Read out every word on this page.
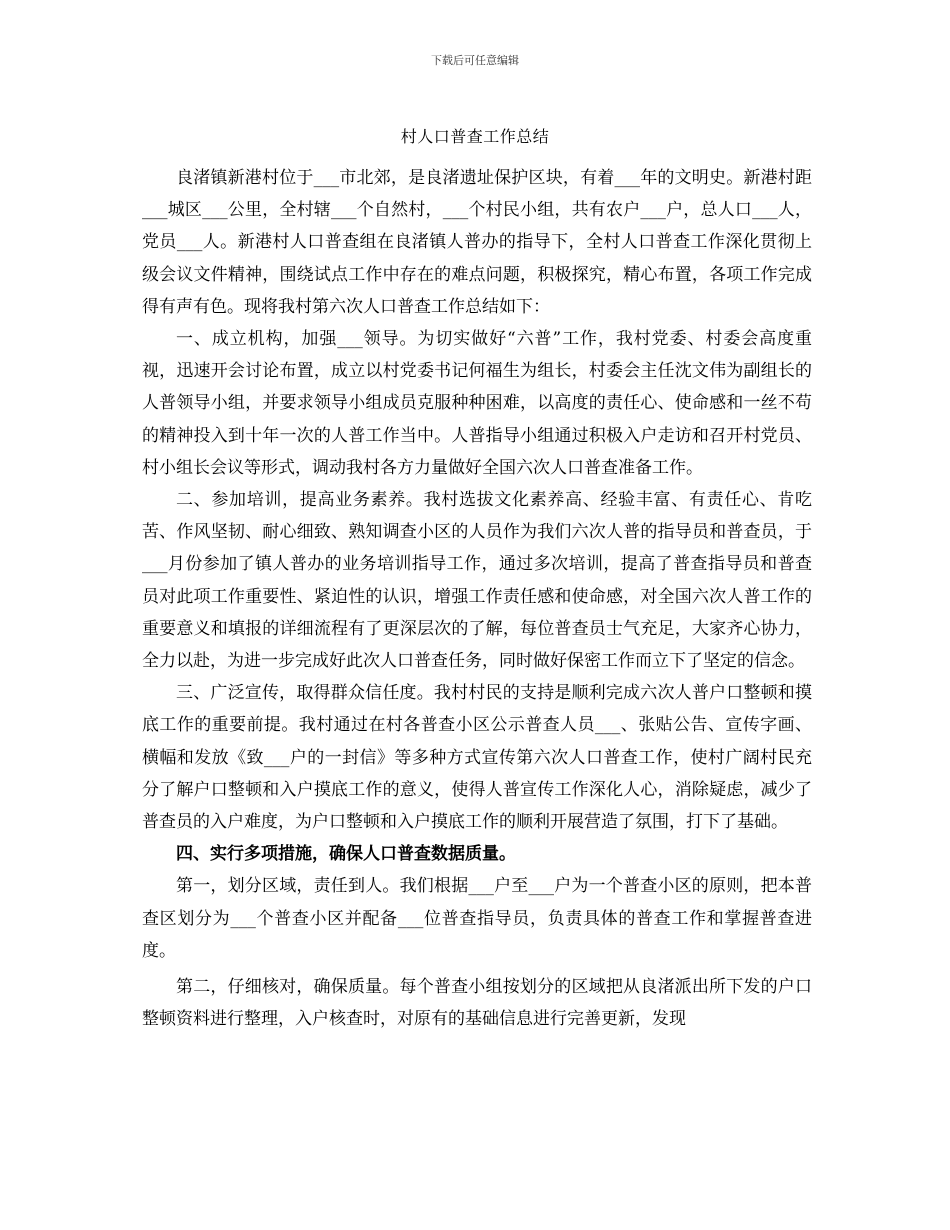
下载后可任意编辑
村人口普查工作总结

良渚镇新港村位于___市北郊，是良渚遗址保护区块，有着___年的文明史。新港村距___城区___公里，全村辖___个自然村，___个村民小组，共有农户___户，总人口___人，党员___人。新港村人口普查组在良渚镇人普办的指导下，全村人口普查工作深化贯彻上级会议文件精神，围绕试点工作中存在的难点问题，积极探究，精心布置，各项工作完成得有声有色。现将我村第六次人口普查工作总结如下：

一、成立机构，加强___领导。为切实做好“六普”工作，我村党委、村委会高度重视，迅速开会讨论布置，成立以村党委书记何福生为组长，村委会主任沈文伟为副组长的人普领导小组，并要求领导小组成员克服种种困难，以高度的责任心、使命感和一丝不苟的精神投入到十年一次的人普工作当中。人普指导小组通过积极入户走访和召开村党员、村小组长会议等形式，调动我村各方力量做好全国六次人口普查准备工作。

二、参加培训，提高业务素养。我村选拔文化素养高、经验丰富、有责任心、肯吃苦、作风坚韧、耐心细致、熟知调查小区的人员作为我们六次人普的指导员和普查员，于___月份参加了镇人普办的业务培训指导工作，通过多次培训，提高了普查指导员和普查员对此项工作重要性、紧迫性的认识，增强工作责任感和使命感，对全国六次人普工作的重要意义和填报的详细流程有了更深层次的了解，每位普查员士气充足，大家齐心协力，全力以赴，为进一步完成好此次人口普查任务，同时做好保密工作而立下了坚定的信念。

三、广泛宣传，取得群众信任度。我村村民的支持是顺利完成六次人普户口整顿和摸底工作的重要前提。我村通过在村各普查小区公示普查人员___、张贴公告、宣传字画、横幅和发放《致___户的一封信》等多种方式宣传第六次人口普查工作，使村广阔村民充分了解户口整顿和入户摸底工作的意义，使得人普宣传工作深化人心，消除疑虑，减少了普查员的入户难度，为户口整顿和入户摸底工作的顺利开展营造了氛围，打下了基础。

四、实行多项措施，确保人口普查数据质量。

第一，划分区域，责任到人。我们根据___户至___户为一个普查小区的原则，把本普查区划分为___个普查小区并配备___位普查指导员，负责具体的普查工作和掌握普查进度。

第二，仔细核对，确保质量。每个普查小组按划分的区域把从良渚派出所下发的户口整顿资料进行整理，入户核查时，对原有的基础信息进行完善更新，发现
